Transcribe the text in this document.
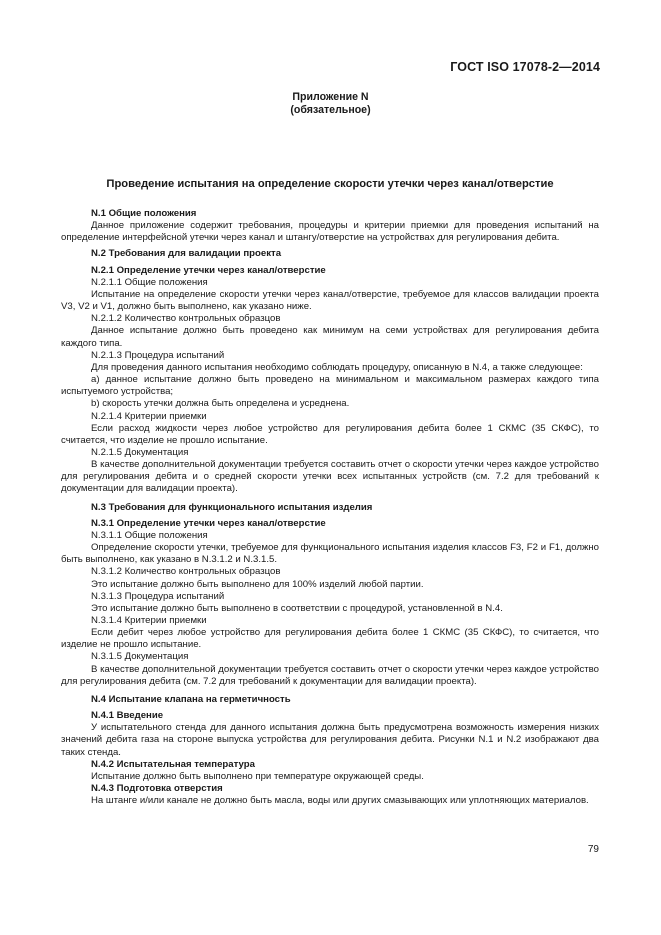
ГОСТ ISO 17078-2—2014
Приложение N
(обязательное)
Проведение испытания на определение скорости утечки через канал/отверстие

N.1 Общие положения

Данное приложение содержит требования, процедуры и критерии приемки для проведения испытаний на определение интерфейсной утечки через канал и штангу/отверстие на устройствах для регулирования дебита.

N.2 Требования для валидации проекта

N.2.1 Определение утечки через канал/отверстие

N.2.1.1 Общие положения

Испытание на определение скорости утечки через канал/отверстие, требуемое для классов валидации проекта V3, V2 и V1, должно быть выполнено, как указано ниже.

N.2.1.2 Количество контрольных образцов

Данное испытание должно быть проведено как минимум на семи устройствах для регулирования дебита каждого типа.

N.2.1.3 Процедура испытаний

Для проведения данного испытания необходимо соблюдать процедуру, описанную в N.4, а также следующее:

a) данное испытание должно быть проведено на минимальном и максимальном размерах каждого типа испытуемого устройства;

b) скорость утечки должна быть определена и усреднена.

N.2.1.4 Критерии приемки

Если расход жидкости через любое устройство для регулирования дебита более 1 СКМС (35 СКФС), то считается, что изделие не прошло испытание.

N.2.1.5 Документация

В качестве дополнительной документации требуется составить отчет о скорости утечки через каждое устройство для регулирования дебита и о средней скорости утечки всех испытанных устройств (см. 7.2 для требований к документации для валидации проекта).

N.3 Требования для функционального испытания изделия

N.3.1 Определение утечки через канал/отверстие

N.3.1.1 Общие положения

Определение скорости утечки, требуемое для функционального испытания изделия классов F3, F2 и F1, должно быть выполнено, как указано в N.3.1.2 и N.3.1.5.

N.3.1.2 Количество контрольных образцов

Это испытание должно быть выполнено для 100% изделий любой партии.

N.3.1.3 Процедура испытаний

Это испытание должно быть выполнено в соответствии с процедурой, установленной в N.4.

N.3.1.4 Критерии приемки

Если дебит через любое устройство для регулирования дебита более 1 СКМС (35 СКФС), то считается, что изделие не прошло испытание.

N.3.1.5 Документация

В качестве дополнительной документации требуется составить отчет о скорости утечки через каждое устройство для регулирования дебита (см. 7.2 для требований к документации для валидации проекта).

N.4 Испытание клапана на герметичность

N.4.1 Введение

У испытательного стенда для данного испытания должна быть предусмотрена возможность измерения низких значений дебита газа на стороне выпуска устройства для регулирования дебита. Рисунки N.1 и N.2 изображают два таких стенда.

N.4.2 Испытательная температура

Испытание должно быть выполнено при температуре окружающей среды.

N.4.3 Подготовка отверстия

На штанге и/или канале не должно быть масла, воды или других смазывающих или уплотняющих материалов.

79
